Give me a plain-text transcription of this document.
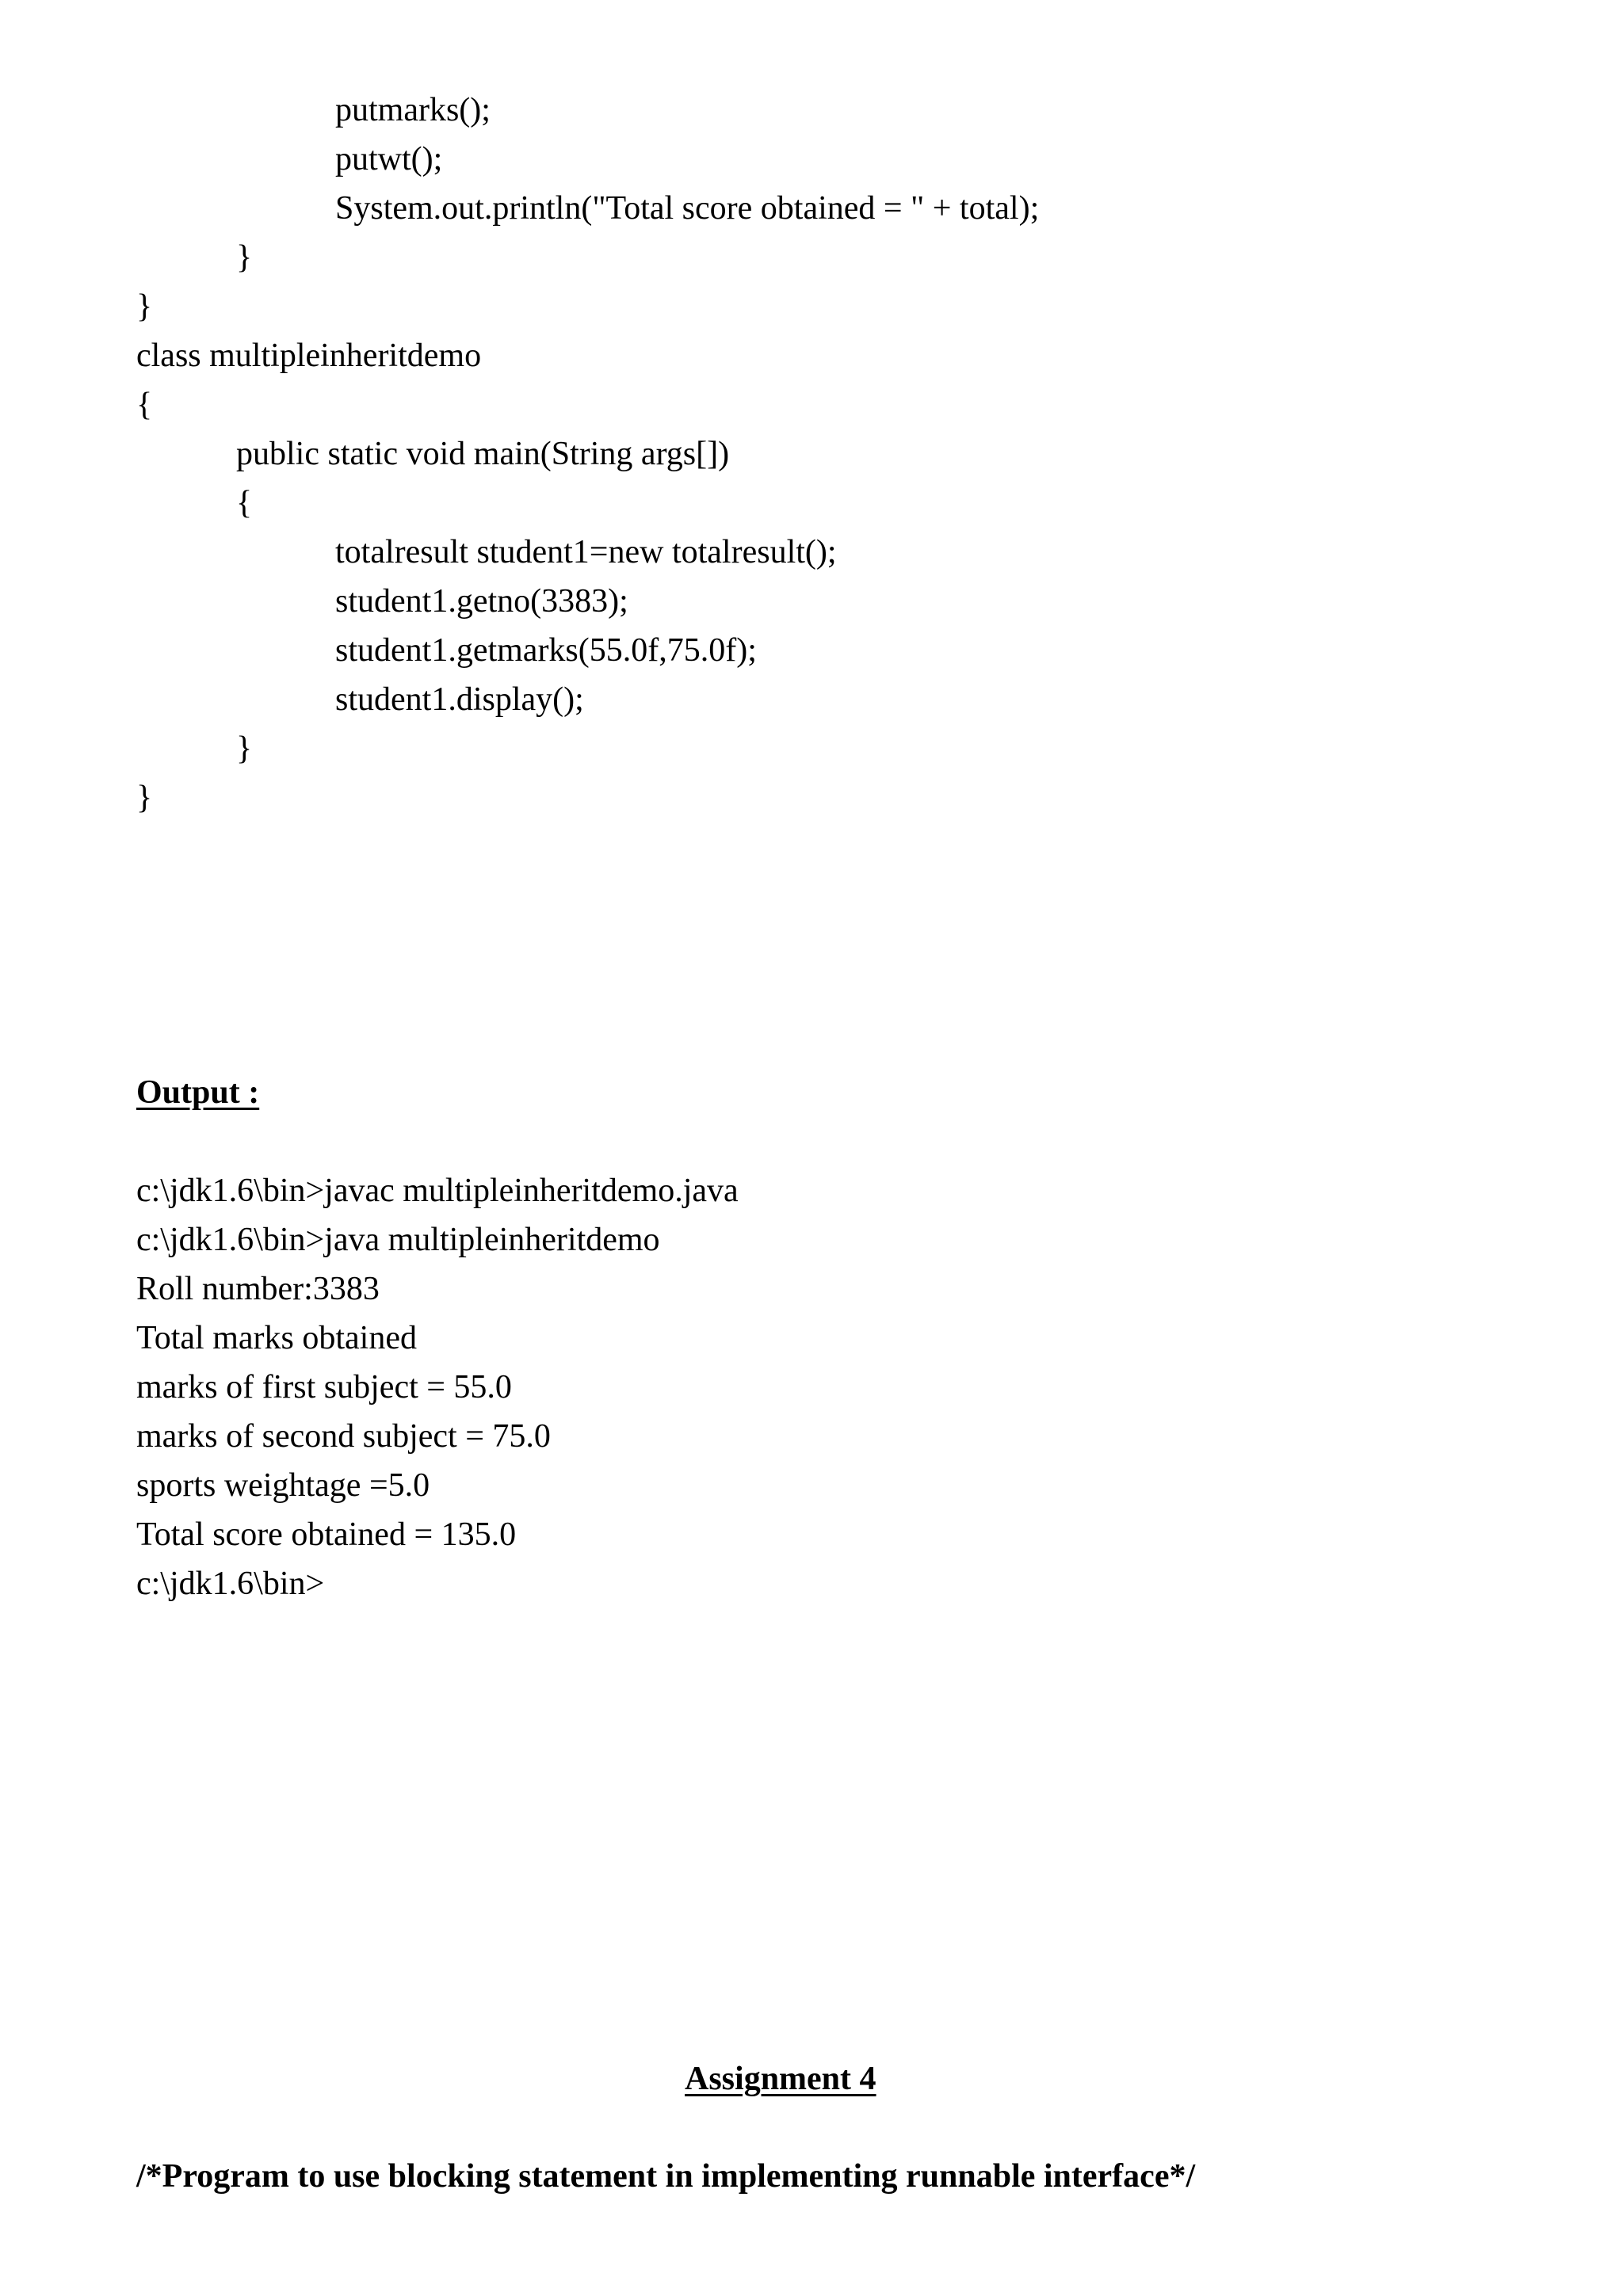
putmarks();
putwt();
System.out.println("Total score obtained = " + total);
}
}
class multipleinheritdemo
{
public static void main(String args[])
{
totalresult student1=new totalresult();
student1.getno(3383);
student1.getmarks(55.0f,75.0f);
student1.display();
}
}
Output :
c:\jdk1.6\bin>javac multipleinheritdemo.java
c:\jdk1.6\bin>java multipleinheritdemo
Roll number:3383
Total marks obtained
marks of first subject = 55.0
marks of second subject = 75.0
sports weightage =5.0
Total score obtained = 135.0
c:\jdk1.6\bin>
Assignment 4
/*Program to use blocking statement in implementing runnable interface*/
